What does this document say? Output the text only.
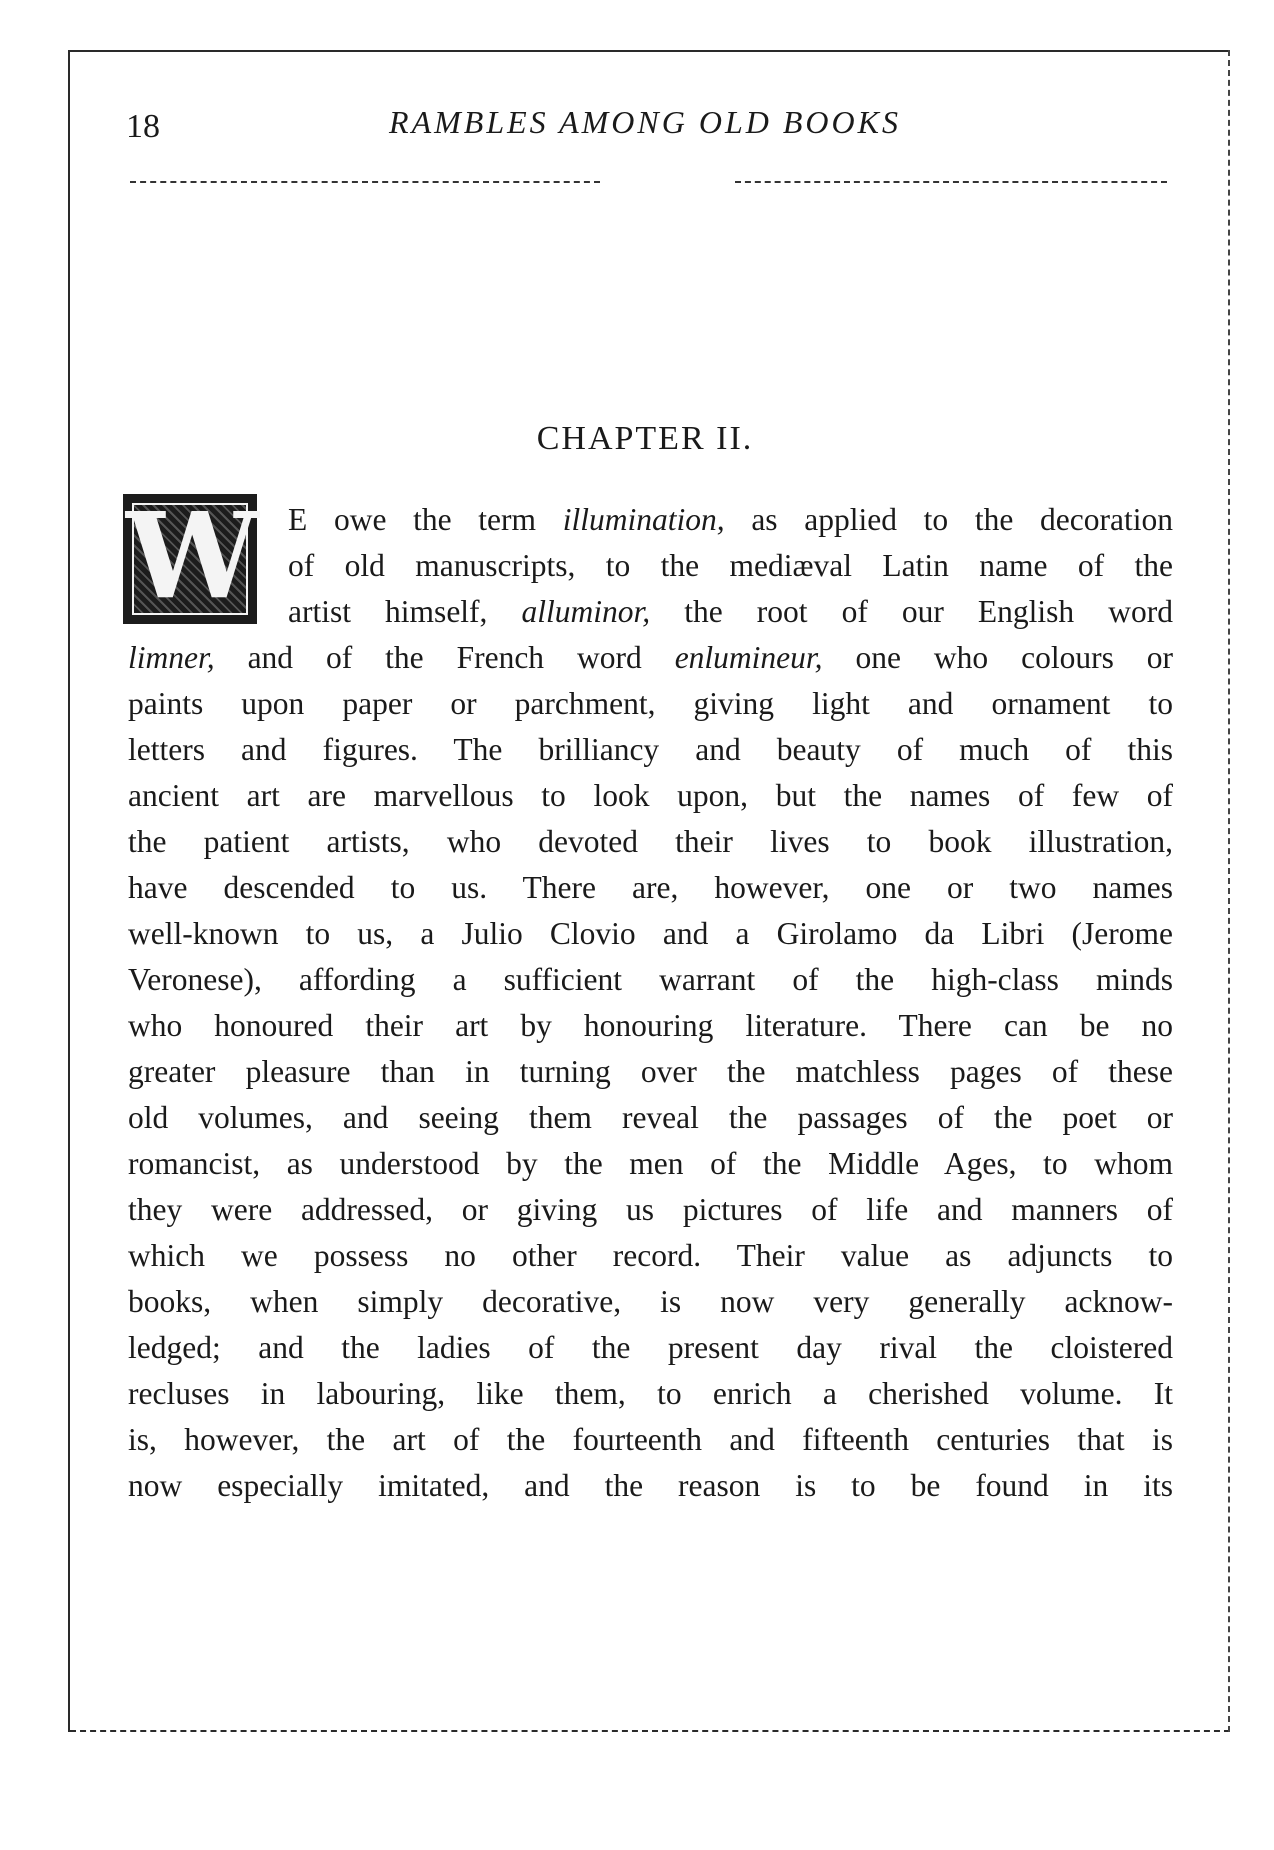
18	RAMBLES AMONG OLD BOOKS
CHAPTER II.
W E owe the term illumination, as applied to the decoration
of old manuscripts, to the mediæval Latin name of the
artist himself, alluminor, the root of our English word
limner, and of the French word enlumineur, one who colours or
paints upon paper or parchment, giving light and ornament to
letters and figures. The brilliancy and beauty of much of this
ancient art are marvellous to look upon, but the names of few of
the patient artists, who devoted their lives to book illustration,
have descended to us. There are, however, one or two names
well-known to us, a Julio Clovio and a Girolamo da Libri (Jerome
Veronese), affording a sufficient warrant of the high-class minds
who honoured their art by honouring literature. There can be no
greater pleasure than in turning over the matchless pages of these
old volumes, and seeing them reveal the passages of the poet or
romancist, as understood by the men of the Middle Ages, to whom
they were addressed, or giving us pictures of life and manners of
which we possess no other record. Their value as adjuncts to
books, when simply decorative, is now very generally acknow-
ledged; and the ladies of the present day rival the cloistered
recluses in labouring, like them, to enrich a cherished volume. It
is, however, the art of the fourteenth and fifteenth centuries that is
now especially imitated, and the reason is to be found in its
